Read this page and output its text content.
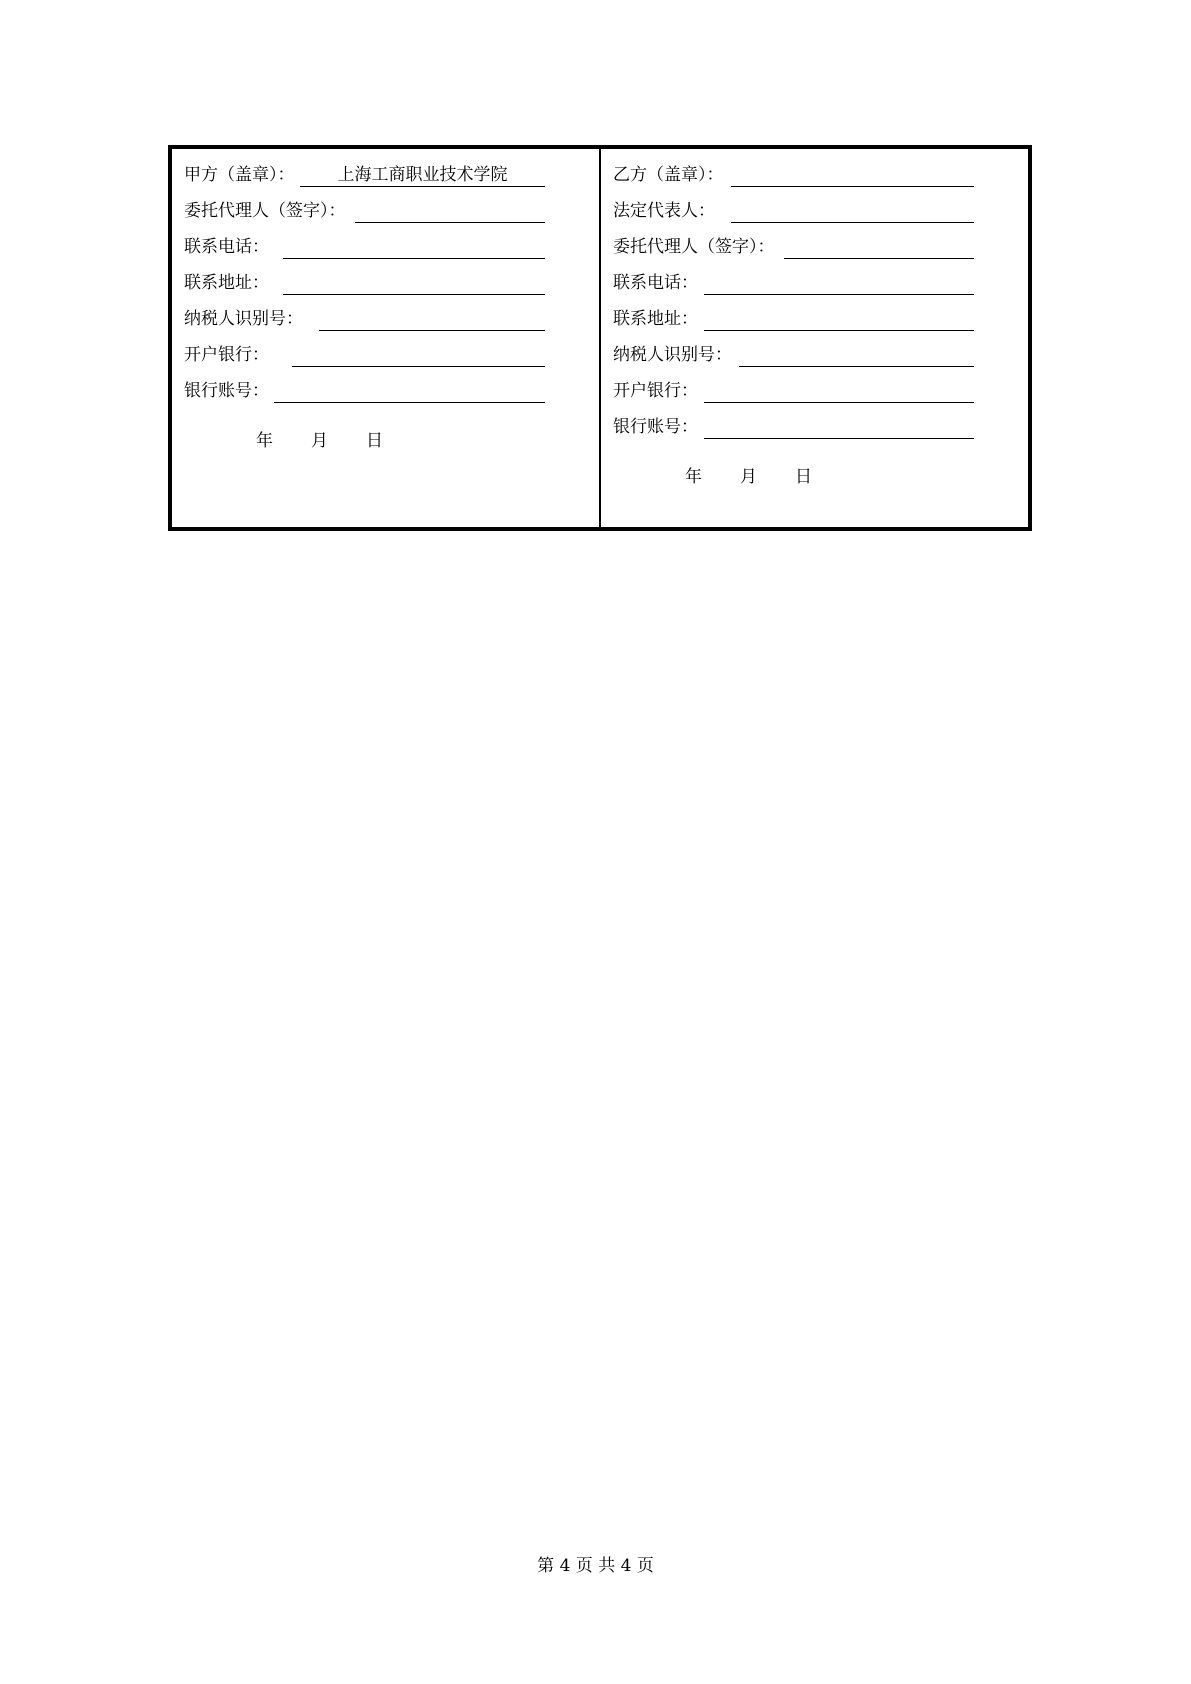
甲方（盖章）：	上海工商职业技术学院
委托代理人（签字）：
联系电话：
联系地址：
纳税人识别号：
开户银行：
银行账号：
年 月 日
乙方（盖章）：
法定代表人：
委托代理人（签字）：
联系电话：
联系地址：
纳税人识别号：
开户银行：
银行账号：
年 月 日
第 4 页 共 4 页
